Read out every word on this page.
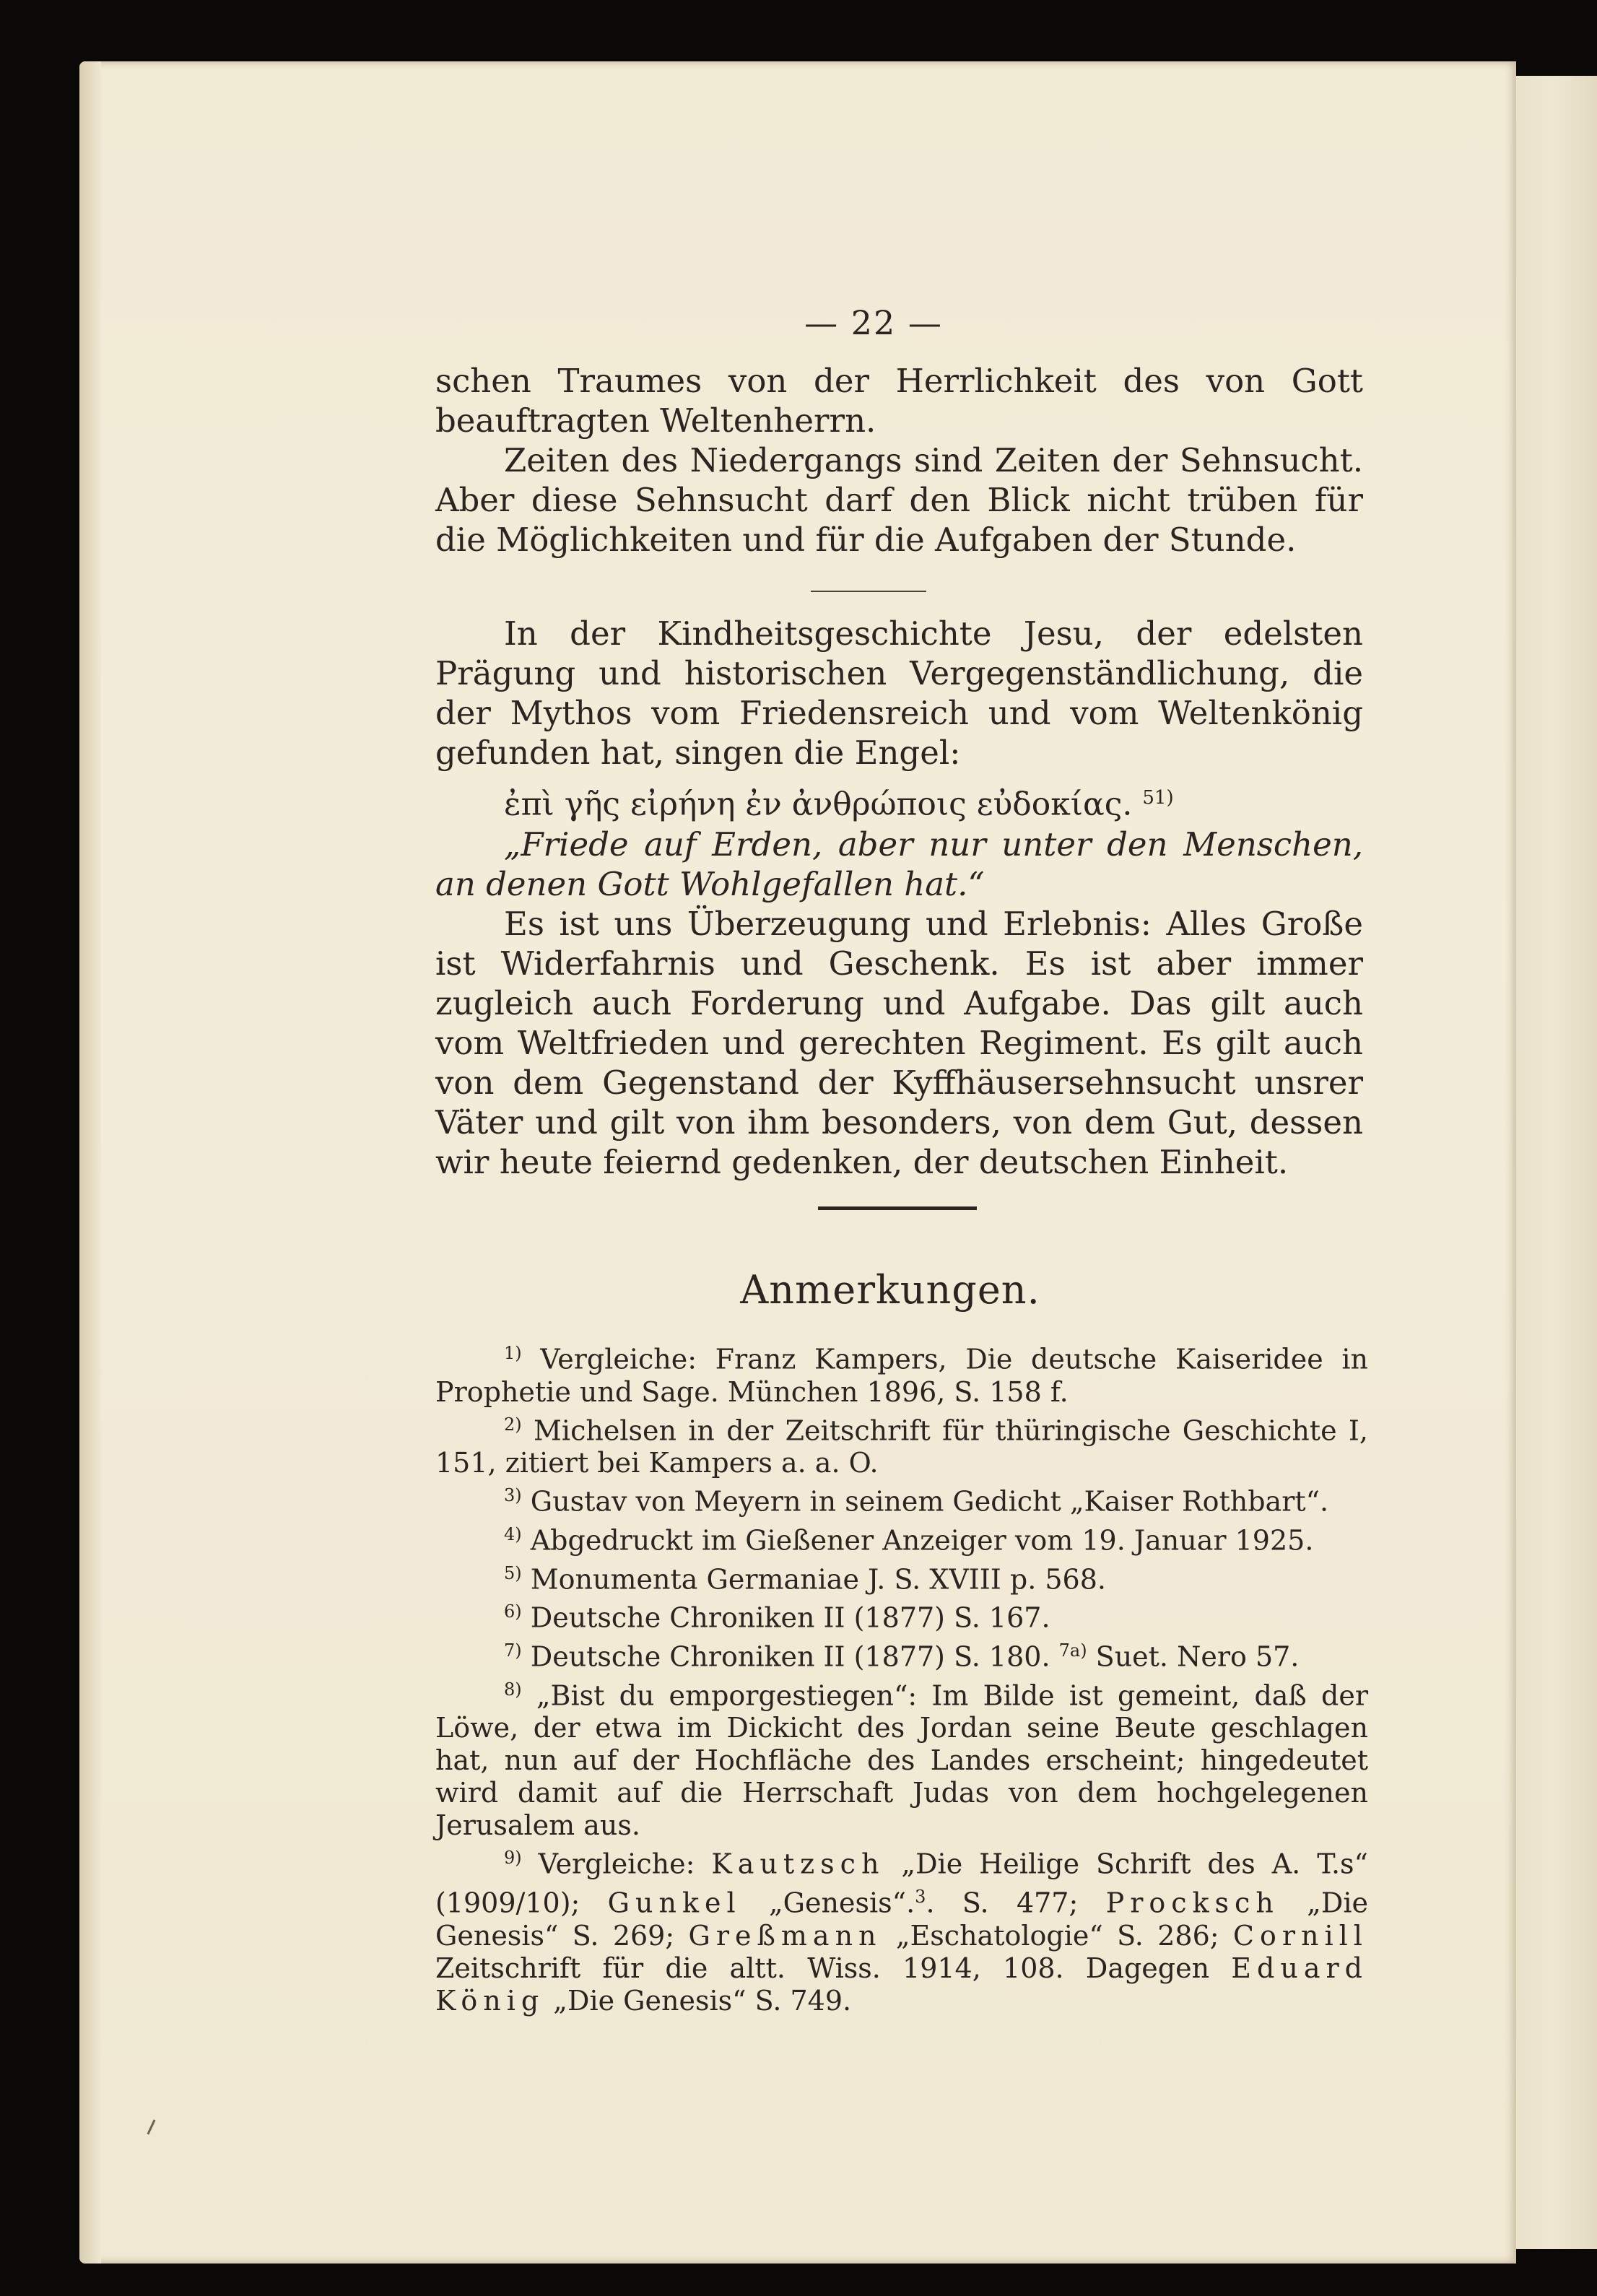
— 22 —

schen Traumes von der Herrlichkeit des von Gott beauftragten Weltenherrn.

Zeiten des Niedergangs sind Zeiten der Sehnsucht. Aber diese Sehnsucht darf den Blick nicht trüben für die Möglichkeiten und für die Aufgaben der Stunde.

In der Kindheitsgeschichte Jesu, der edelsten Prägung und historischen Vergegenständlichung, die der Mythos vom Friedensreich und vom Weltenkönig gefunden hat, singen die Engel:

ἐπὶ γῆς εἰρήνη ἐν ἀνθρώποις εὐδοκίας. $^{51)}$

„Friede auf Erden, aber nur unter den Menschen, an denen Gott Wohlgefallen hat.“

Es ist uns Überzeugung und Erlebnis: Alles Große ist Widerfahrnis und Geschenk. Es ist aber immer zugleich auch Forderung und Aufgabe. Das gilt auch vom Weltfrieden und gerechten Regiment. Es gilt auch von dem Gegenstand der Kyffhäusersehnsucht unsrer Väter und gilt von ihm besonders, von dem Gut, dessen wir heute feiernd gedenken, der deutschen Einheit.

Anmerkungen.

$^{1)}$ Vergleiche: Franz Kampers, Die deutsche Kaiseridee in Prophetie und Sage. München 1896, S. 158 f.

$^{2)}$ Michelsen in der Zeitschrift für thüringische Geschichte I, 151, zitiert bei Kampers a. a. O.

$^{3)}$ Gustav von Meyern in seinem Gedicht „Kaiser Rothbart“.

$^{4)}$ Abgedruckt im Gießener Anzeiger vom 19. Januar 1925.

$^{5)}$ Monumenta Germaniae J. S. XVIII p. 568.

$^{6)}$ Deutsche Chroniken II (1877) S. 167.

$^{7)}$ Deutsche Chroniken II (1877) S. 180. $^{7a)}$ Suet. Nero 57.

$^{8)}$ „Bist du emporgestiegen“: Im Bilde ist gemeint, daß der Löwe, der etwa im Dickicht des Jordan seine Beute geschlagen hat, nun auf der Hochfläche des Landes erscheint; hingedeutet wird damit auf die Herrschaft Judas von dem hochgelegenen Jerusalem aus.

$^{9)}$ Vergleiche: Kautzsch „Die Heilige Schrift des A. T.s“ (1909/10); Gunkel „Genesis“.$^3$. S. 477; Procksch „Die Genesis“ S. 269; Greßmann „Eschatologie“ S. 286; Cornill Zeitschrift für die altt. Wiss. 1914, 108. Dagegen Eduard König „Die Genesis“ S. 749.
